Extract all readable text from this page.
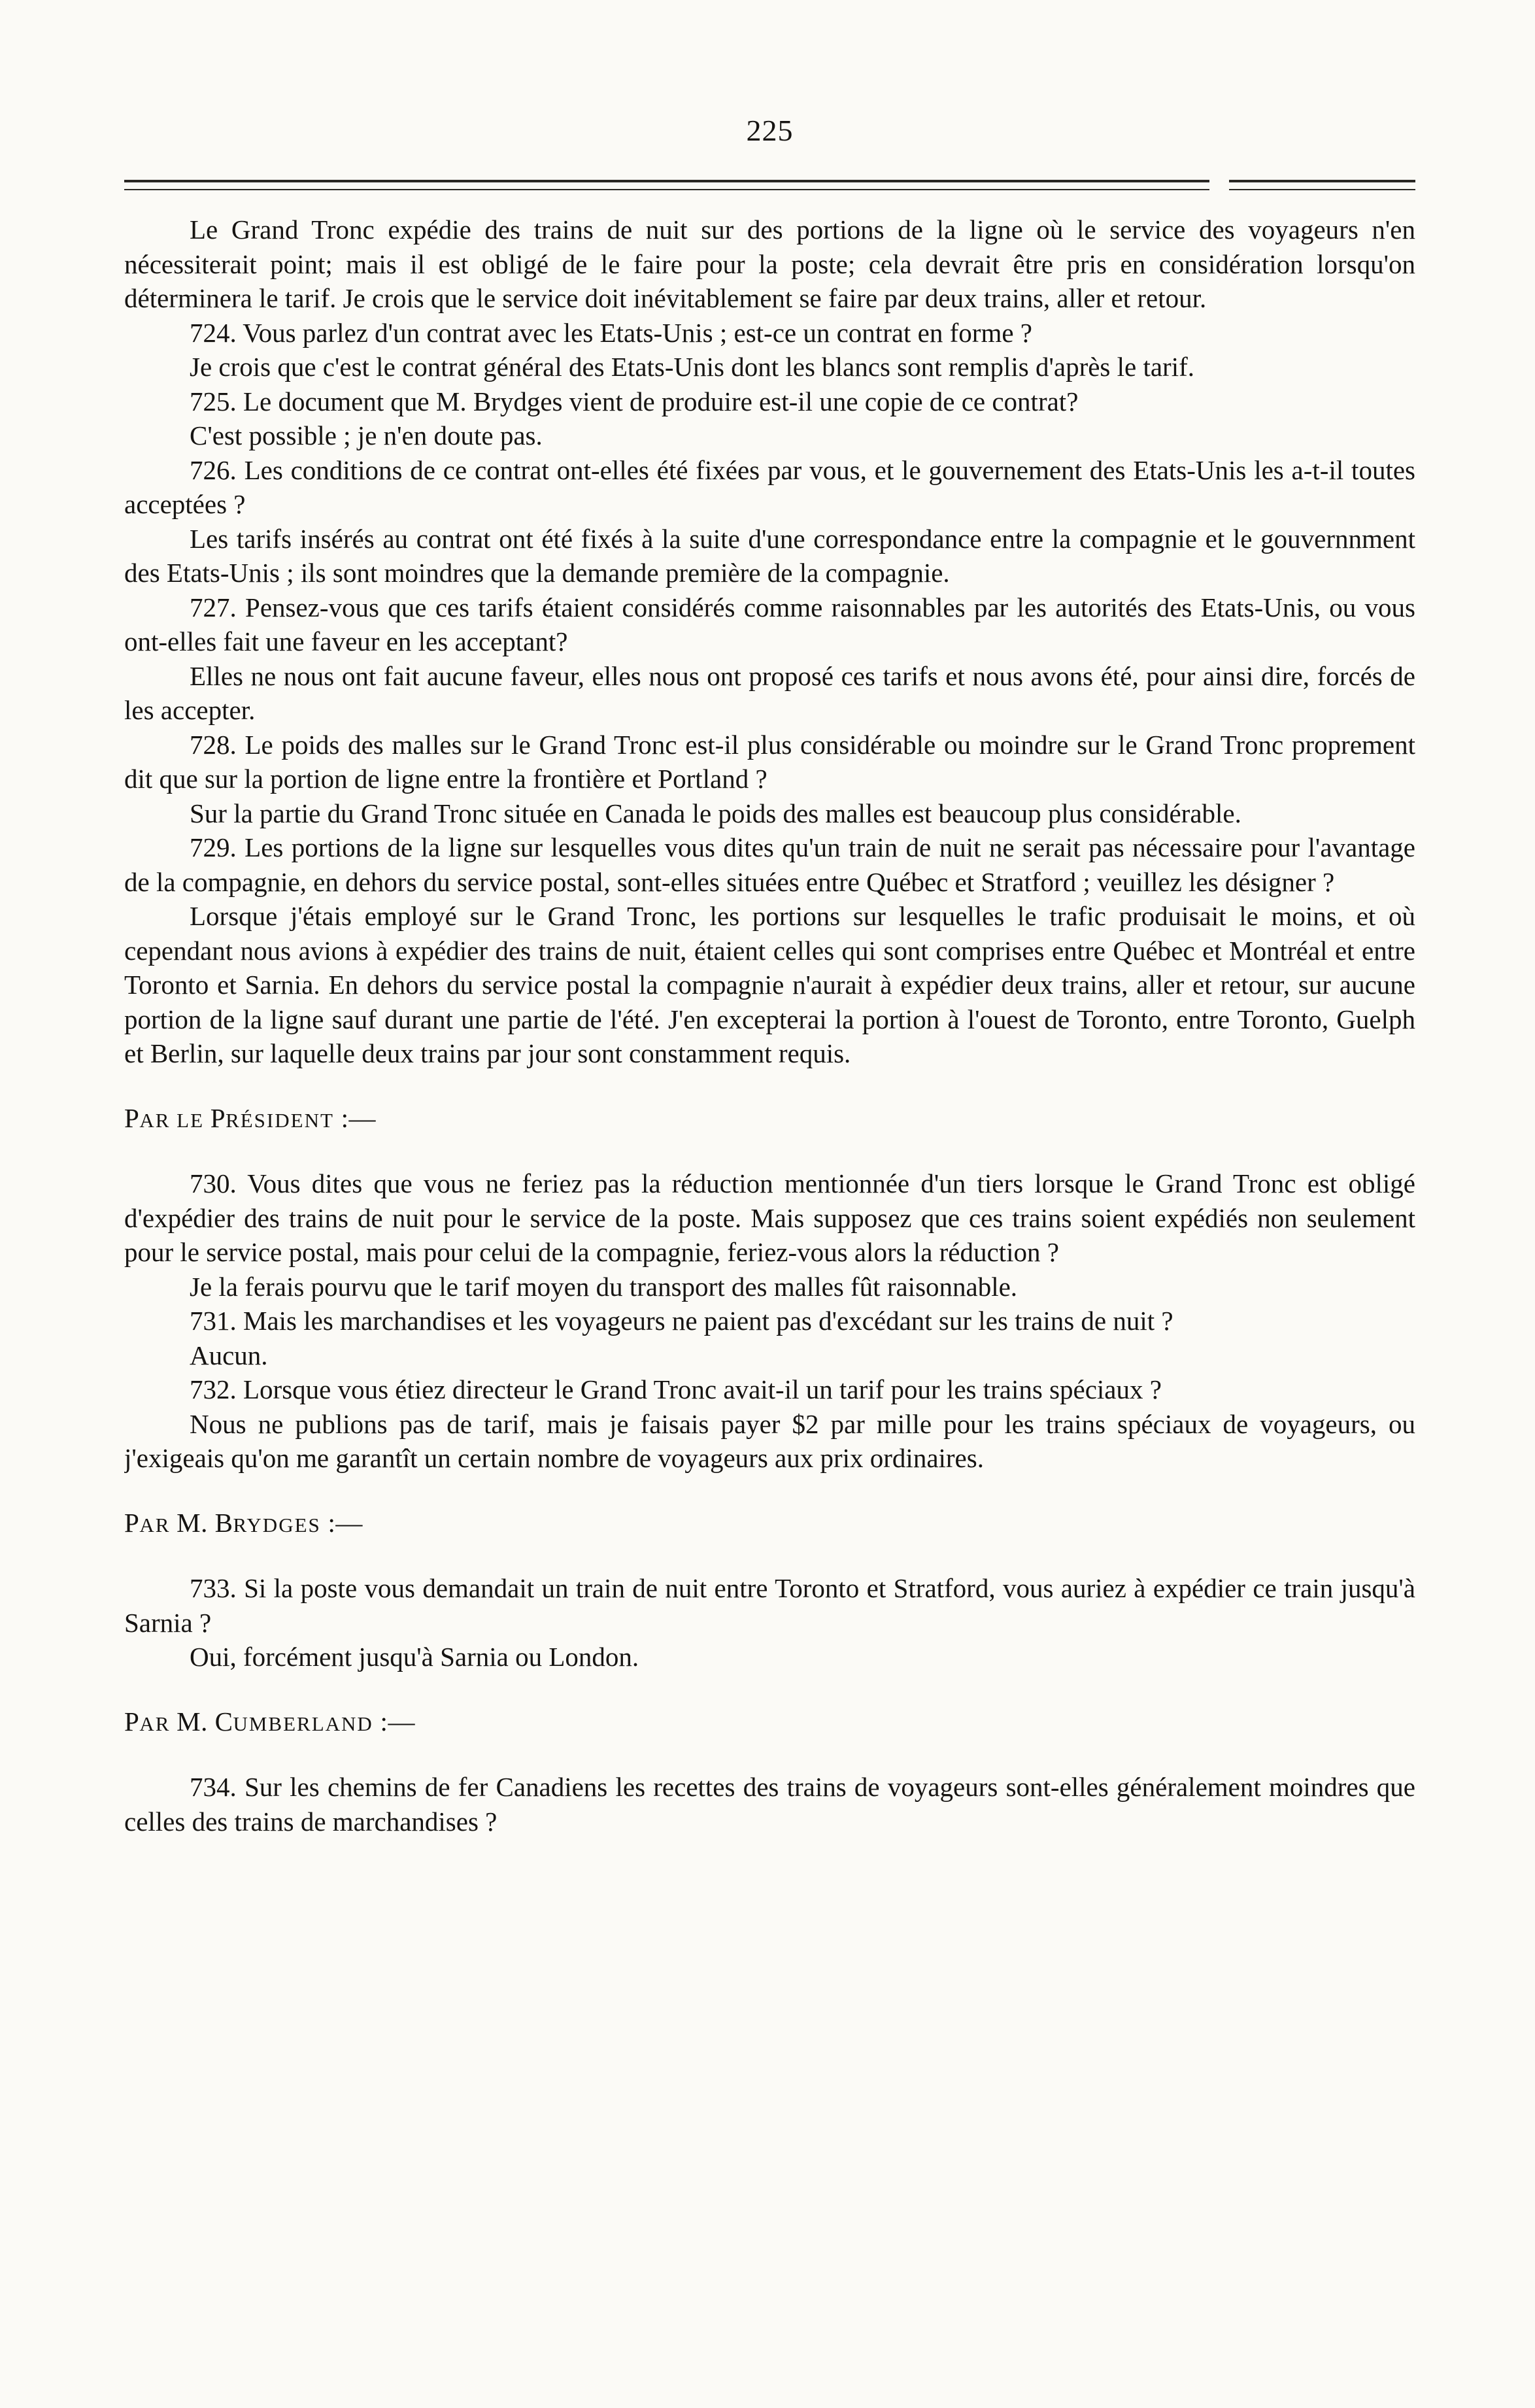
225

Le Grand Tronc expédie des trains de nuit sur des portions de la ligne où le service des voyageurs n'en nécessiterait point; mais il est obligé de le faire pour la poste; cela devrait être pris en considération lorsqu'on déterminera le tarif. Je crois que le service doit inévitablement se faire par deux trains, aller et retour.

724. Vous parlez d'un contrat avec les Etats-Unis ; est-ce un contrat en forme ?

Je crois que c'est le contrat général des Etats-Unis dont les blancs sont remplis d'après le tarif.

725. Le document que M. Brydges vient de produire est-il une copie de ce contrat?

C'est possible ; je n'en doute pas.

726. Les conditions de ce contrat ont-elles été fixées par vous, et le gouvernement des Etats-Unis les a-t-il toutes acceptées ?

Les tarifs insérés au contrat ont été fixés à la suite d'une correspondance entre la compagnie et le gouvernnment des Etats-Unis ; ils sont moindres que la demande première de la compagnie.

727. Pensez-vous que ces tarifs étaient considérés comme raisonnables par les autorités des Etats-Unis, ou vous ont-elles fait une faveur en les acceptant?

Elles ne nous ont fait aucune faveur, elles nous ont proposé ces tarifs et nous avons été, pour ainsi dire, forcés de les accepter.

728. Le poids des malles sur le Grand Tronc est-il plus considérable ou moindre sur le Grand Tronc proprement dit que sur la portion de ligne entre la frontière et Portland ?

Sur la partie du Grand Tronc située en Canada le poids des malles est beaucoup plus considérable.

729. Les portions de la ligne sur lesquelles vous dites qu'un train de nuit ne serait pas nécessaire pour l'avantage de la compagnie, en dehors du service postal, sont-elles situées entre Québec et Stratford ; veuillez les désigner ?

Lorsque j'étais employé sur le Grand Tronc, les portions sur lesquelles le trafic produisait le moins, et où cependant nous avions à expédier des trains de nuit, étaient celles qui sont comprises entre Québec et Montréal et entre Toronto et Sarnia. En dehors du service postal la compagnie n'aurait à expédier deux trains, aller et retour, sur aucune portion de la ligne sauf durant une partie de l'été. J'en excepterai la portion à l'ouest de Toronto, entre Toronto, Guelph et Berlin, sur laquelle deux trains par jour sont constamment requis.

PAR LE PRÉSIDENT :—

730. Vous dites que vous ne feriez pas la réduction mentionnée d'un tiers lorsque le Grand Tronc est obligé d'expédier des trains de nuit pour le service de la poste. Mais supposez que ces trains soient expédiés non seulement pour le service postal, mais pour celui de la compagnie, feriez-vous alors la réduction ?

Je la ferais pourvu que le tarif moyen du transport des malles fût raisonnable.

731. Mais les marchandises et les voyageurs ne paient pas d'excédant sur les trains de nuit ?

Aucun.

732. Lorsque vous étiez directeur le Grand Tronc avait-il un tarif pour les trains spéciaux ?

Nous ne publions pas de tarif, mais je faisais payer $2 par mille pour les trains spéciaux de voyageurs, ou j'exigeais qu'on me garantît un certain nombre de voyageurs aux prix ordinaires.

PAR M. BRYDGES :—

733. Si la poste vous demandait un train de nuit entre Toronto et Stratford, vous auriez à expédier ce train jusqu'à Sarnia ?

Oui, forcément jusqu'à Sarnia ou London.

PAR M. CUMBERLAND :—

734. Sur les chemins de fer Canadiens les recettes des trains de voyageurs sont-elles généralement moindres que celles des trains de marchandises ?
